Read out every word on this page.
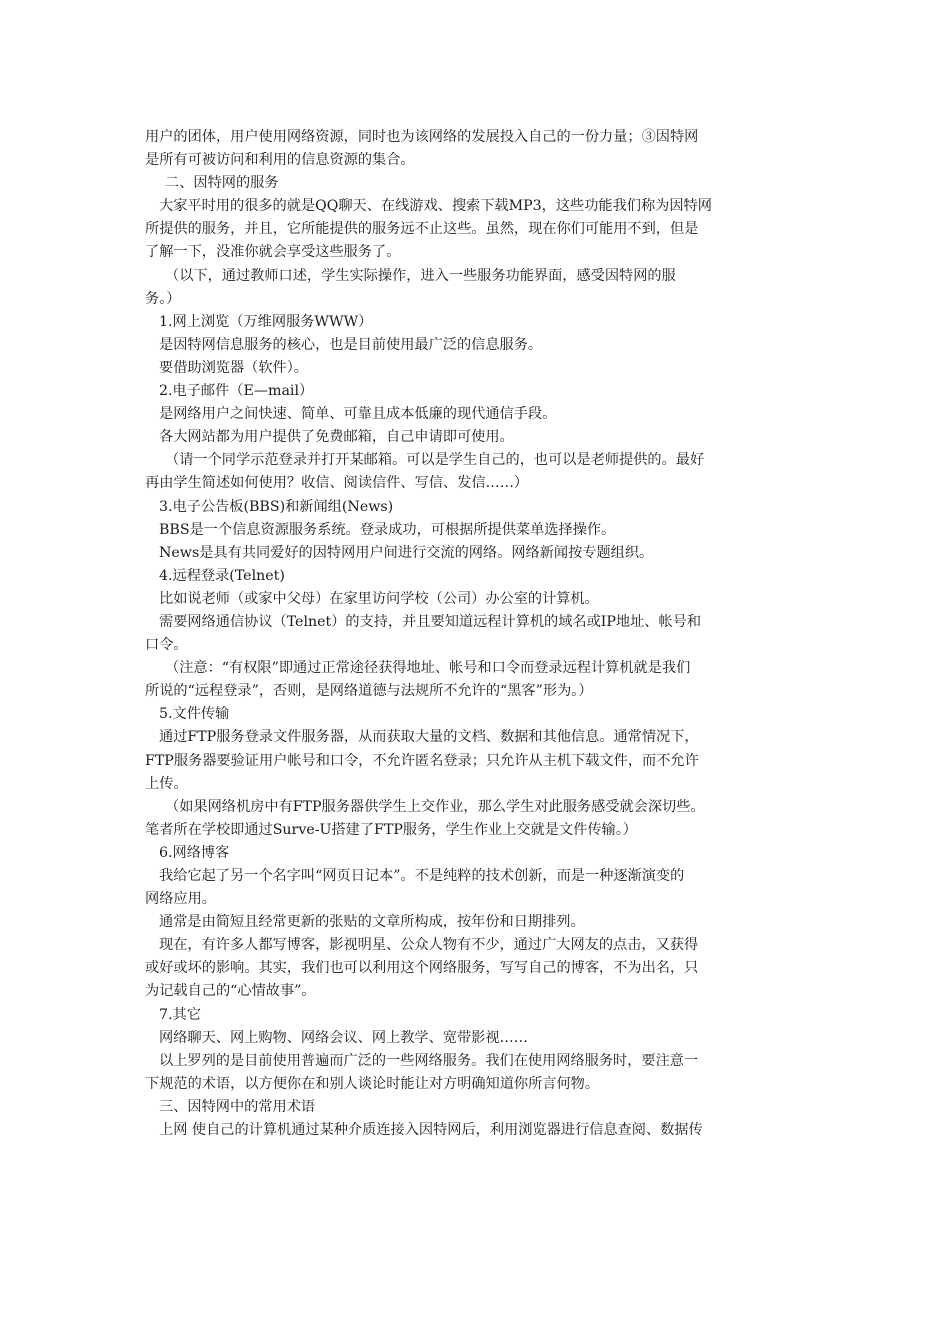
用户的团体，用户使用网络资源，同时也为该网络的发展投入自己的一份力量；③因特网
是所有可被访问和利用的信息资源的集合。
二、因特网的服务
大家平时用的很多的就是QQ聊天、在线游戏、搜索下载MP3，这些功能我们称为因特网
所提供的服务，并且，它所能提供的服务远不止这些。虽然，现在你们可能用不到，但是
了解一下，没准你就会享受这些服务了。
（以下，通过教师口述，学生实际操作，进入一些服务功能界面，感受因特网的服
务。）
1.网上浏览（万维网服务WWW）
是因特网信息服务的核心，也是目前使用最广泛的信息服务。
要借助浏览器（软件）。
2.电子邮件（E—mail）
是网络用户之间快速、简单、可靠且成本低廉的现代通信手段。
各大网站都为用户提供了免费邮箱，自己申请即可使用。
（请一个同学示范登录并打开某邮箱。可以是学生自己的，也可以是老师提供的。最好
再由学生简述如何使用？收信、阅读信件、写信、发信……）
3.电子公告板(BBS)和新闻组(News)
BBS是一个信息资源服务系统。登录成功，可根据所提供菜单选择操作。
News是具有共同爱好的因特网用户间进行交流的网络。网络新闻按专题组织。
4.远程登录(Telnet)
比如说老师（或家中父母）在家里访问学校（公司）办公室的计算机。
需要网络通信协议（Telnet）的支持，并且要知道远程计算机的域名或IP地址、帐号和
口令。
（注意：“有权限”即通过正常途径获得地址、帐号和口令而登录远程计算机就是我们
所说的“远程登录”，否则，是网络道德与法规所不允许的“黑客”形为。）
5.文件传输
通过FTP服务登录文件服务器，从而获取大量的文档、数据和其他信息。通常情况下，
FTP服务器要验证用户帐号和口令，不允许匿名登录；只允许从主机下载文件，而不允许
上传。
（如果网络机房中有FTP服务器供学生上交作业，那么学生对此服务感受就会深切些。
笔者所在学校即通过Surve-U搭建了FTP服务，学生作业上交就是文件传输。）
6.网络博客
我给它起了另一个名字叫“网页日记本”。不是纯粹的技术创新，而是一种逐渐演变的
网络应用。
通常是由简短且经常更新的张贴的文章所构成，按年份和日期排列。
现在，有许多人都写博客，影视明星、公众人物有不少，通过广大网友的点击，又获得
或好或坏的影响。其实，我们也可以利用这个网络服务，写写自己的博客，不为出名，只
为记载自己的“心情故事”。
7.其它
网络聊天、网上购物、网络会议、网上教学、宽带影视……
以上罗列的是目前使用普遍而广泛的一些网络服务。我们在使用网络服务时，要注意一
下规范的术语，以方便你在和别人谈论时能让对方明确知道你所言何物。
三、因特网中的常用术语
上网 使自己的计算机通过某种介质连接入因特网后，利用浏览器进行信息查阅、数据传
